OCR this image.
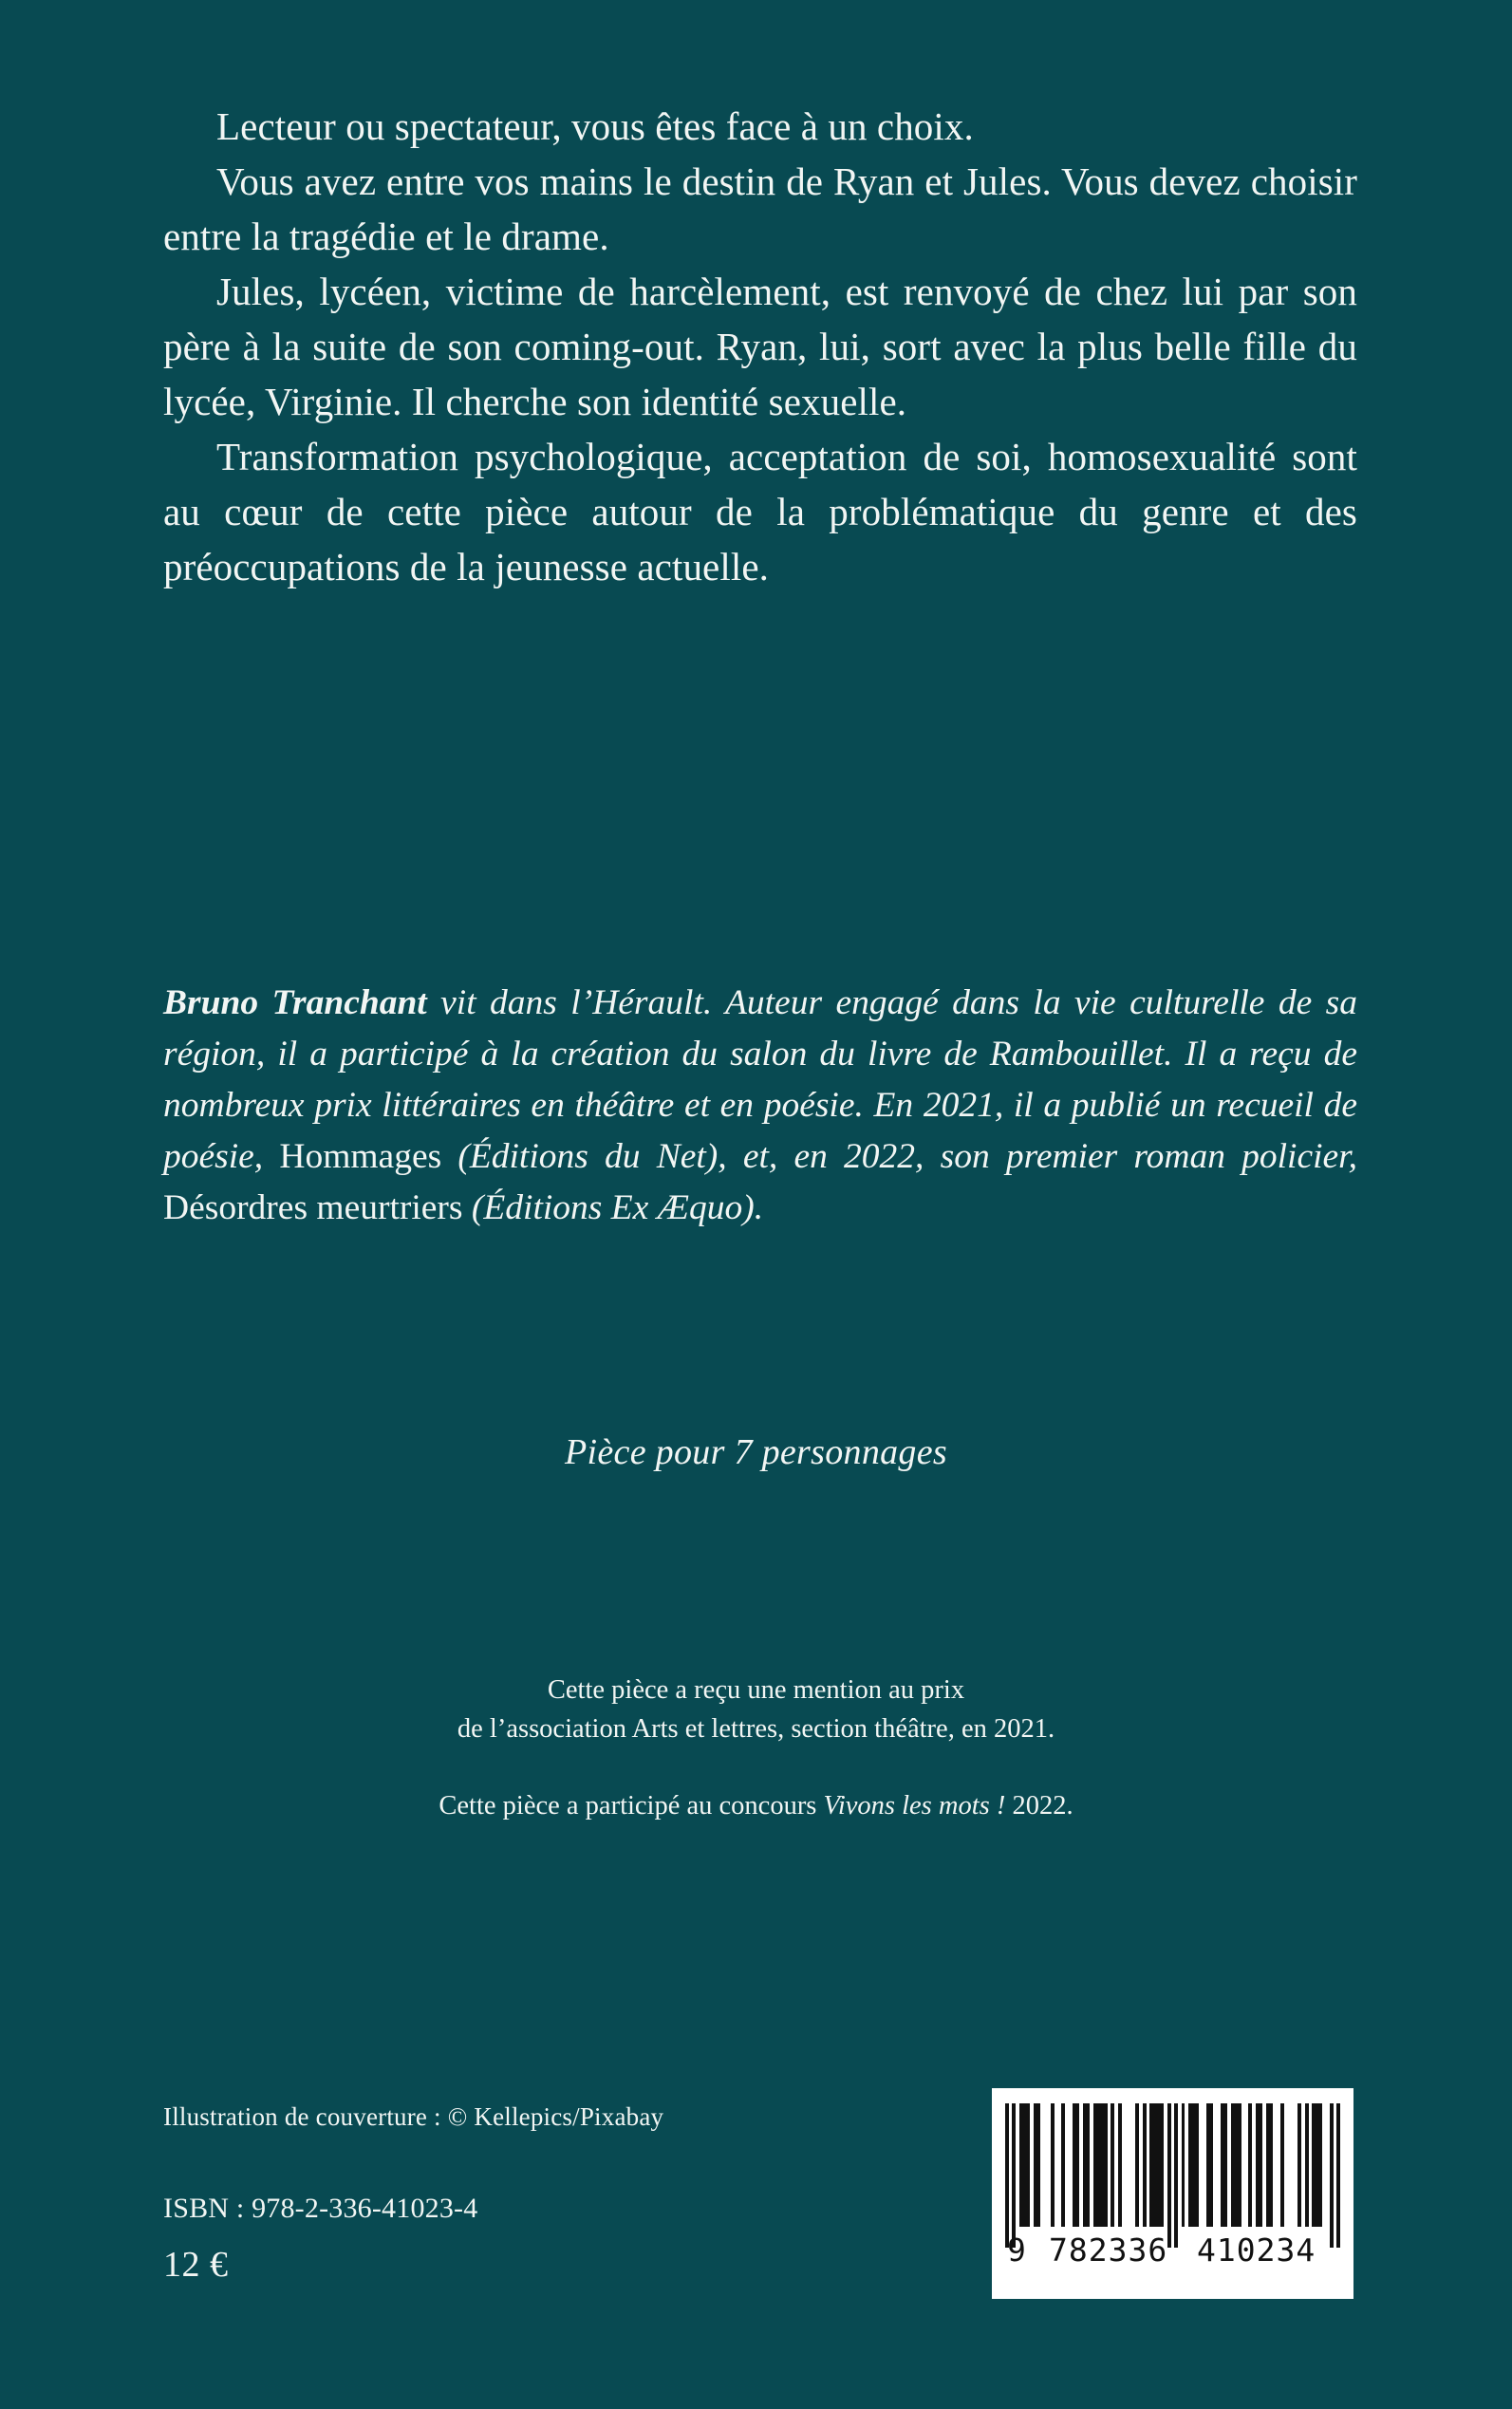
Lecteur ou spectateur, vous êtes face à un choix.

Vous avez entre vos mains le destin de Ryan et Jules. Vous devez choisir entre la tragédie et le drame.

Jules, lycéen, victime de harcèlement, est renvoyé de chez lui par son père à la suite de son coming-out. Ryan, lui, sort avec la plus belle fille du lycée, Virginie. Il cherche son identité sexuelle.

Transformation psychologique, acceptation de soi, homosexualité sont au cœur de cette pièce autour de la problématique du genre et des préoccupations de la jeunesse actuelle.

Bruno Tranchant vit dans l’Hérault. Auteur engagé dans la vie culturelle de sa région, il a participé à la création du salon du livre de Rambouillet. Il a reçu de nombreux prix littéraires en théâtre et en poésie. En 2021, il a publié un recueil de poésie, Hommages (Éditions du Net), et, en 2022, son premier roman policier, Désordres meurtriers (Éditions Ex Æquo).

Pièce pour 7 personnages

Cette pièce a reçu une mention au prix

de l’association Arts et lettres, section théâtre, en 2021.

Cette pièce a participé au concours Vivons les mots ! 2022.

Illustration de couverture : © Kellepics/Pixabay
ISBN : 978-2-336-41023-4
12 €	9 782336 410234
